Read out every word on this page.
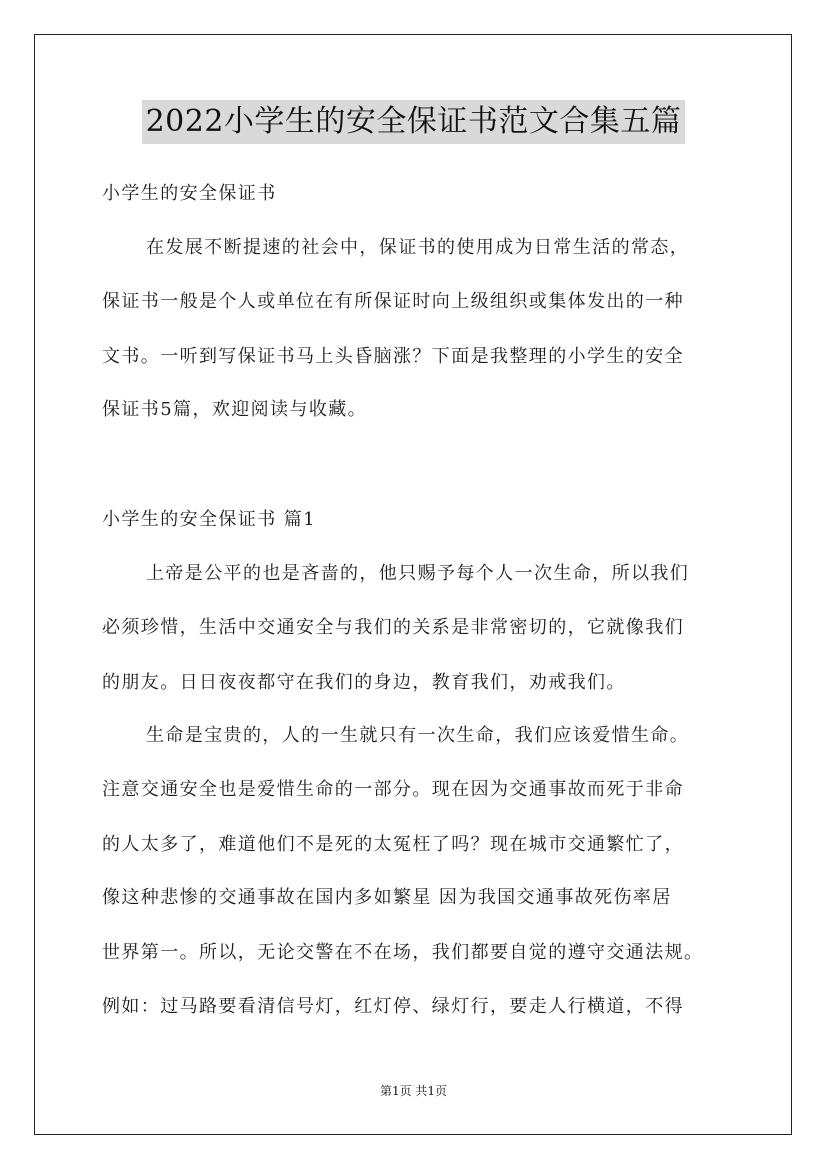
2022小学生的安全保证书范文合集五篇
小学生的安全保证书
在发展不断提速的社会中，保证书的使用成为日常生活的常态，
保证书一般是个人或单位在有所保证时向上级组织或集体发出的一种
文书。一听到写保证书马上头昏脑涨？下面是我整理的小学生的安全
保证书5篇，欢迎阅读与收藏。
小学生的安全保证书 篇1
上帝是公平的也是吝啬的，他只赐予每个人一次生命，所以我们
必须珍惜，生活中交通安全与我们的关系是非常密切的，它就像我们
的朋友。日日夜夜都守在我们的身边，教育我们，劝戒我们。
生命是宝贵的，人的一生就只有一次生命，我们应该爱惜生命。
注意交通安全也是爱惜生命的一部分。现在因为交通事故而死于非命
的人太多了，难道他们不是死的太冤枉了吗？现在城市交通繁忙了，
像这种悲惨的交通事故在国内多如繁星 因为我国交通事故死伤率居
世界第一。所以，无论交警在不在场，我们都要自觉的遵守交通法规。
例如：过马路要看清信号灯，红灯停、绿灯行，要走人行横道，不得
第1页 共1页
